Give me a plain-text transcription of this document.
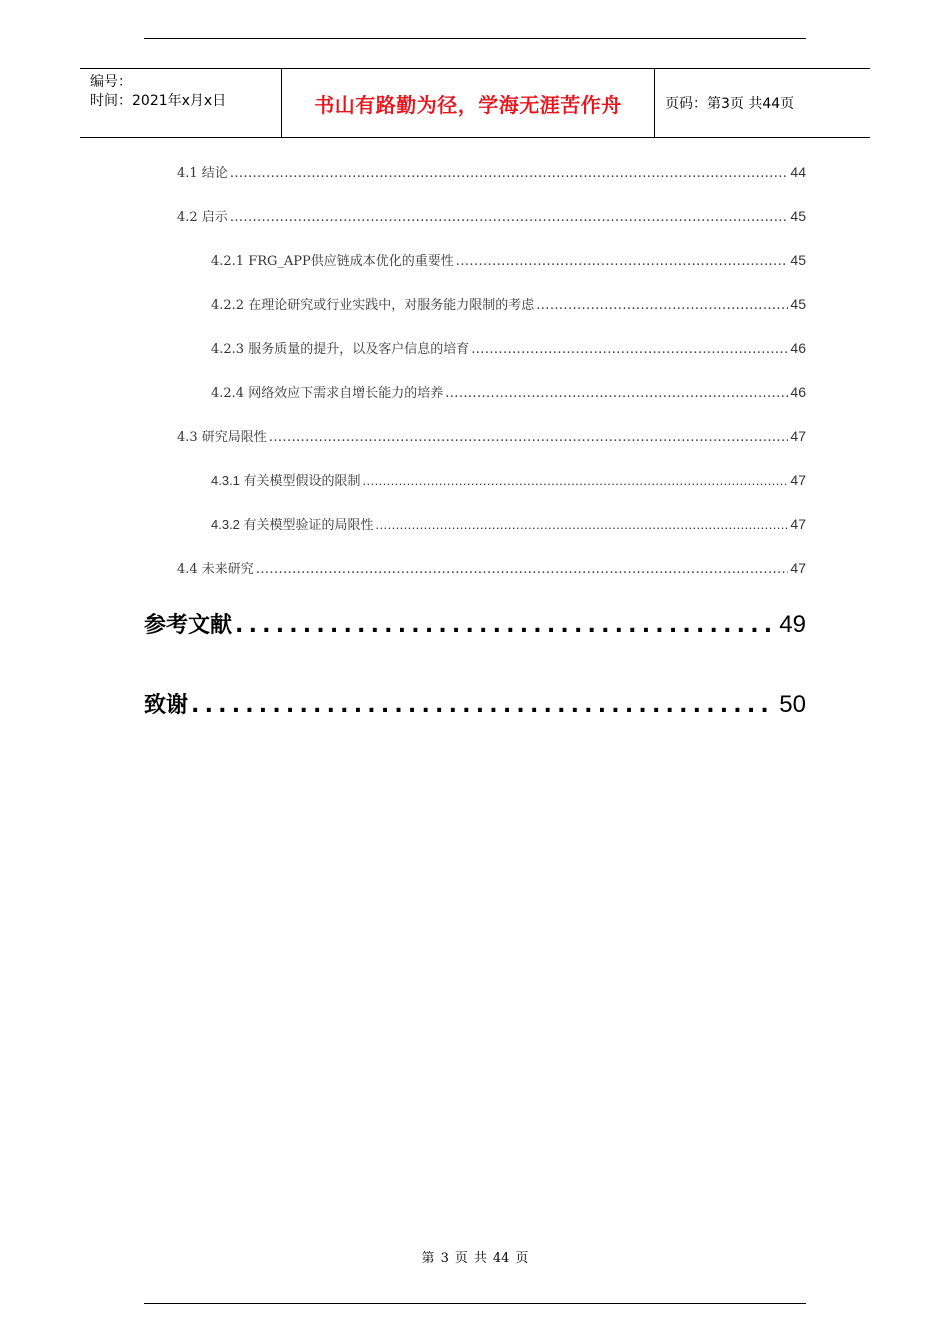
编号：
时间：2021年x月x日	书山有路勤为径，学海无涯苦作舟	页码：第3页 共44页
4.1 结论 .....	44
4.2 启示 .....	45
4.2.1 FRG_APP供应链成本优化的重要性 .....	45
4.2.2 在理论研究或行业实践中，对服务能力限制的考虑 .....	45
4.2.3 服务质量的提升，以及客户信息的培育 .....	46
4.2.4 网络效应下需求自增长能力的培养 .....	46
4.3 研究局限性 .....	47
4.3.1 有关模型假设的限制 .....	47
4.3.2 有关模型验证的局限性 .....	47
4.4 未来研究 .....	47
参考文献 .....	49
致谢 .....	50
第 3 页 共 44 页
